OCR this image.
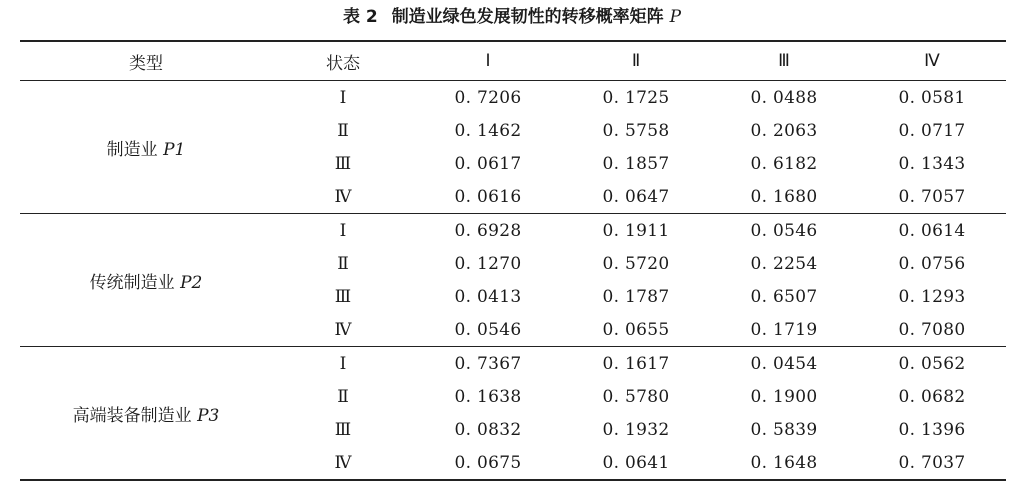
表 2 制造业绿色发展韧性的转移概率矩阵 P
类型	状态	Ⅰ	Ⅱ	Ⅲ	Ⅳ
制造业 P1	Ⅰ	0. 7206	0. 1725	0. 0488	0. 0581
	Ⅱ	0. 1462	0. 5758	0. 2063	0. 0717
	Ⅲ	0. 0617	0. 1857	0. 6182	0. 1343
	Ⅳ	0. 0616	0. 0647	0. 1680	0. 7057
传统制造业 P2	Ⅰ	0. 6928	0. 1911	0. 0546	0. 0614
	Ⅱ	0. 1270	0. 5720	0. 2254	0. 0756
	Ⅲ	0. 0413	0. 1787	0. 6507	0. 1293
	Ⅳ	0. 0546	0. 0655	0. 1719	0. 7080
高端装备制造业 P3	Ⅰ	0. 7367	0. 1617	0. 0454	0. 0562
	Ⅱ	0. 1638	0. 5780	0. 1900	0. 0682
	Ⅲ	0. 0832	0. 1932	0. 5839	0. 1396
	Ⅳ	0. 0675	0. 0641	0. 1648	0. 7037
